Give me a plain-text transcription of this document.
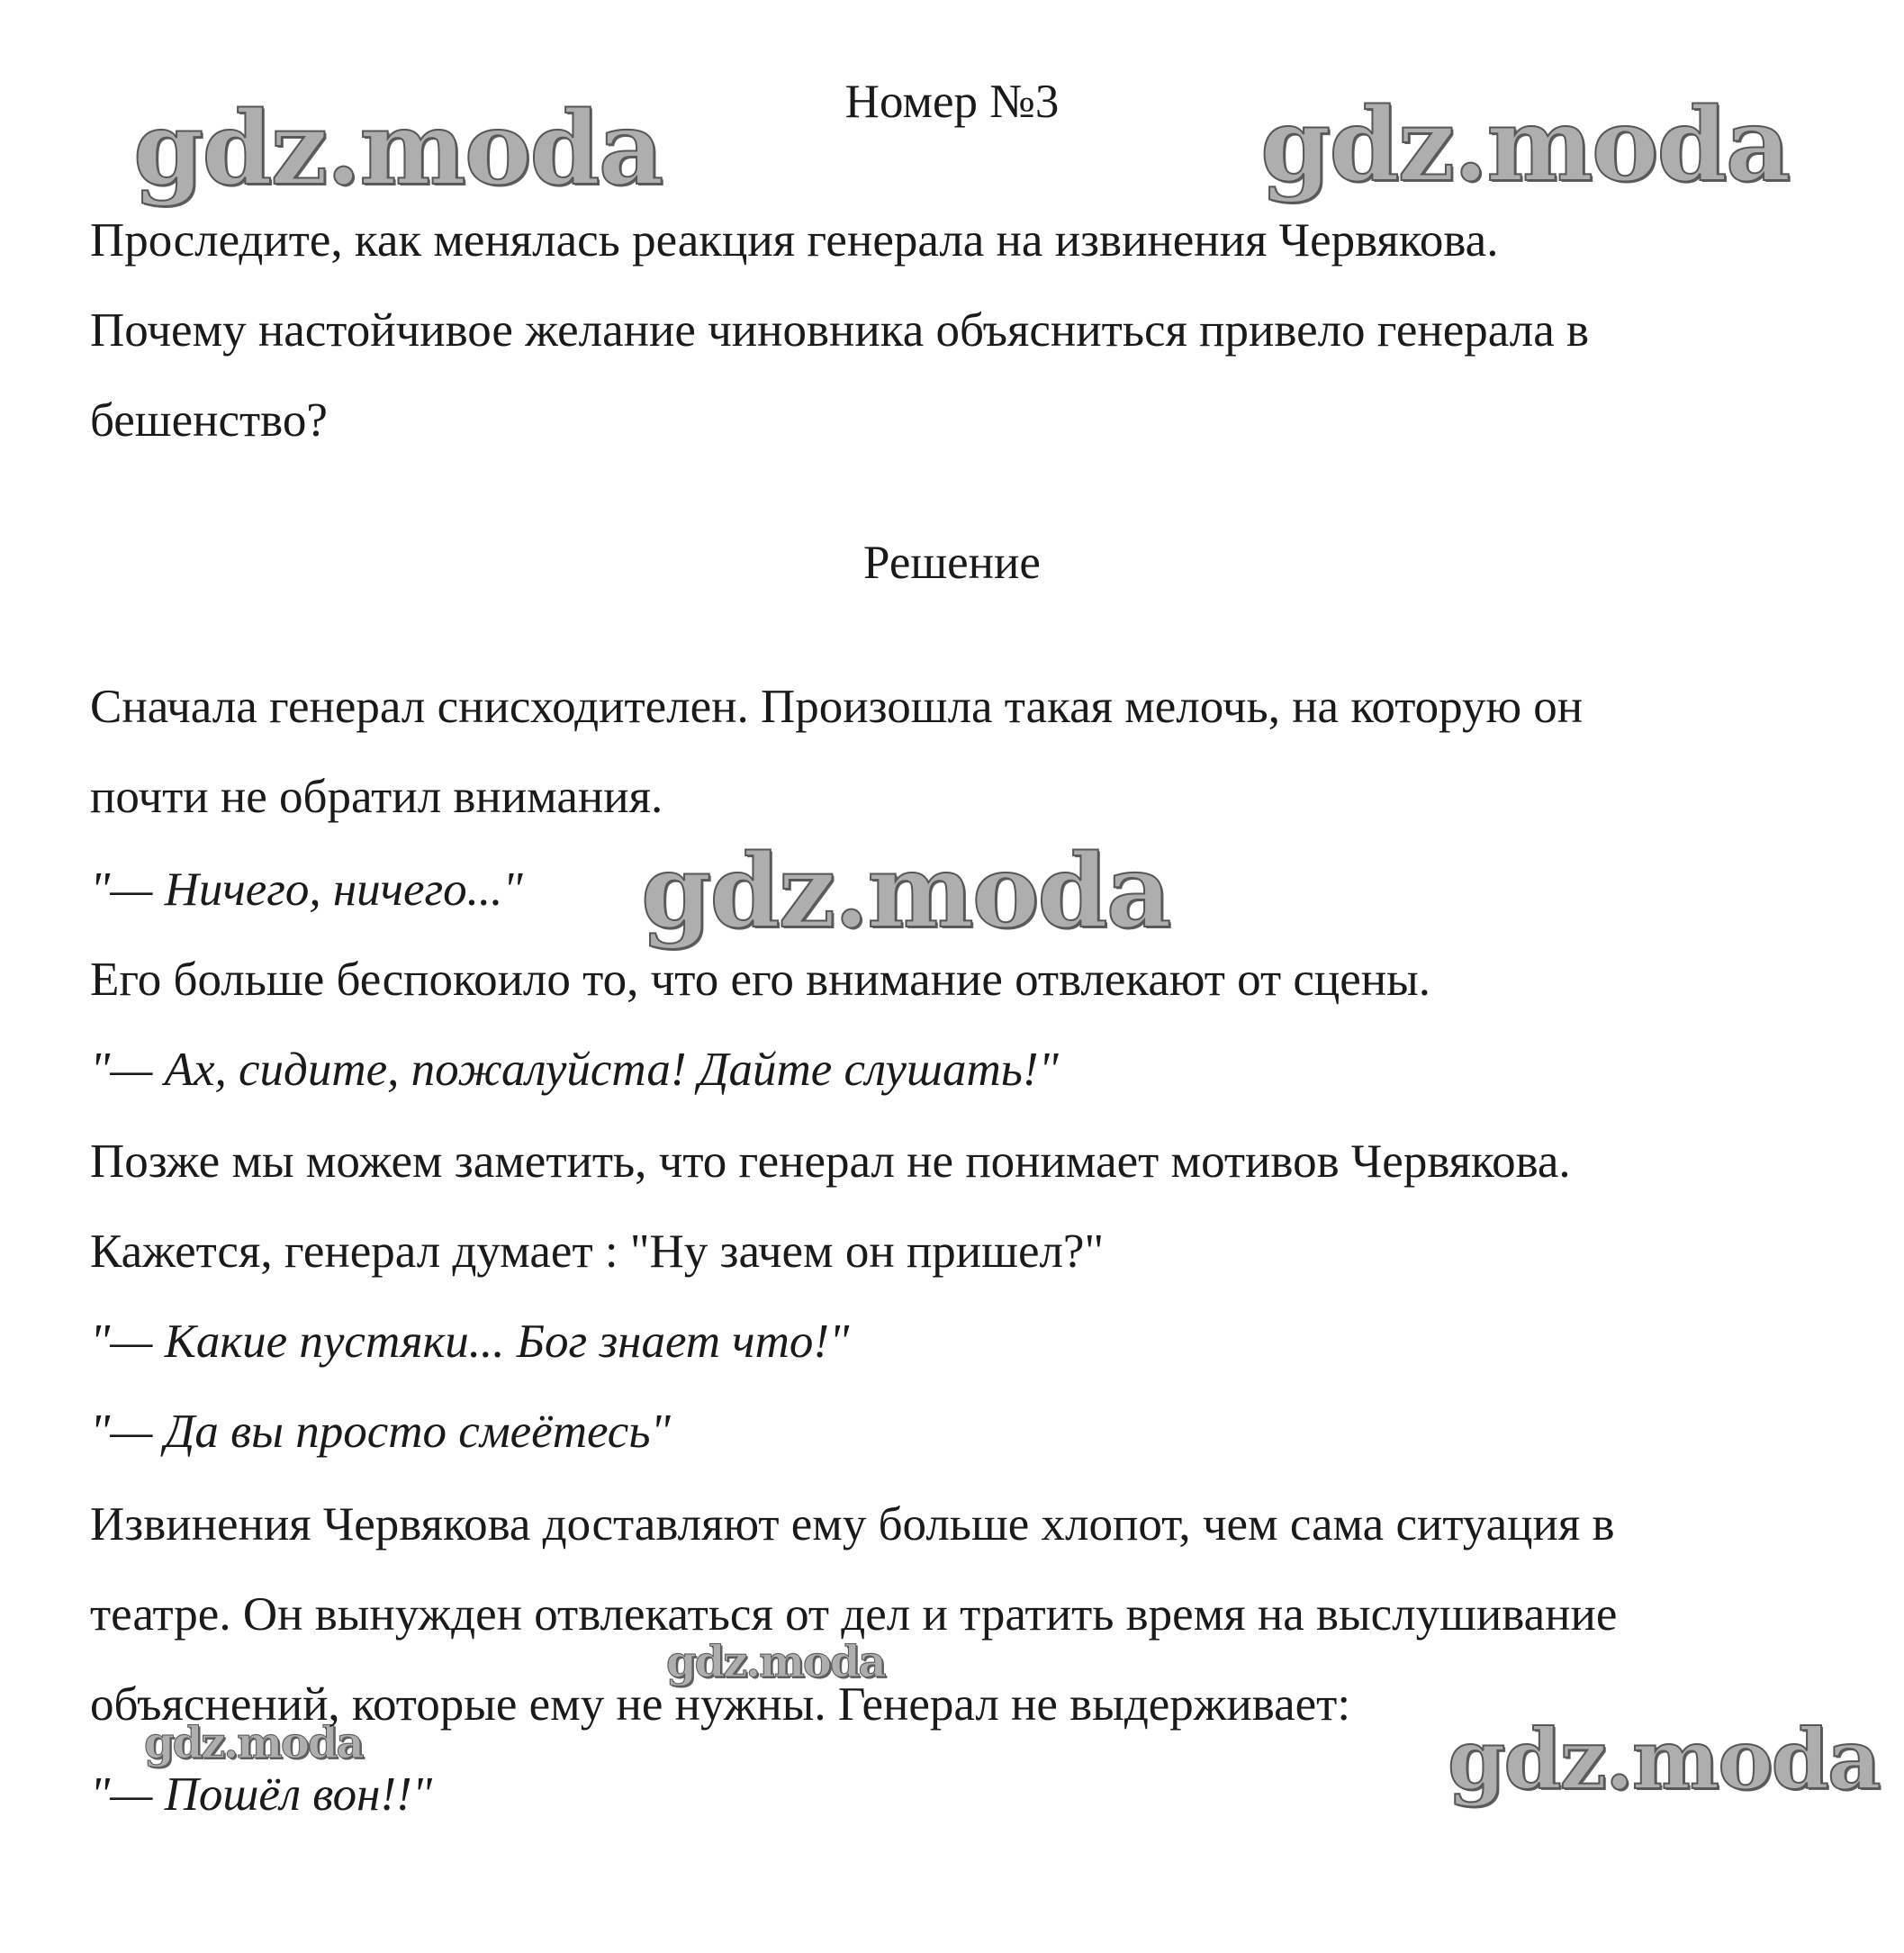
gdz.moda	gdz.moda
gdz.moda
gdz.moda
gdz.moda	gdz.moda

Номер №3

Проследите, как менялась реакция генерала на извинения Червякова.

Почему настойчивое желание чиновника объясниться привело генерала в

бешенство?

Решение

Сначала генерал снисходителен. Произошла такая мелочь, на которую он

почти не обратил внимания.

"— Ничего, ничего..."

Его больше беспокоило то, что его внимание отвлекают от сцены.

"— Ах, сидите, пожалуйста! Дайте слушать!"

Позже мы можем заметить, что генерал не понимает мотивов Червякова.

Кажется, генерал думает : "Ну зачем он пришел?"

"— Какие пустяки... Бог знает что!"

"— Да вы просто смеётесь"

Извинения Червякова доставляют ему больше хлопот, чем сама ситуация в

театре. Он вынужден отвлекаться от дел и тратить время на выслушивание

объяснений, которые ему не нужны. Генерал не выдерживает:

"— Пошёл вон!!"
